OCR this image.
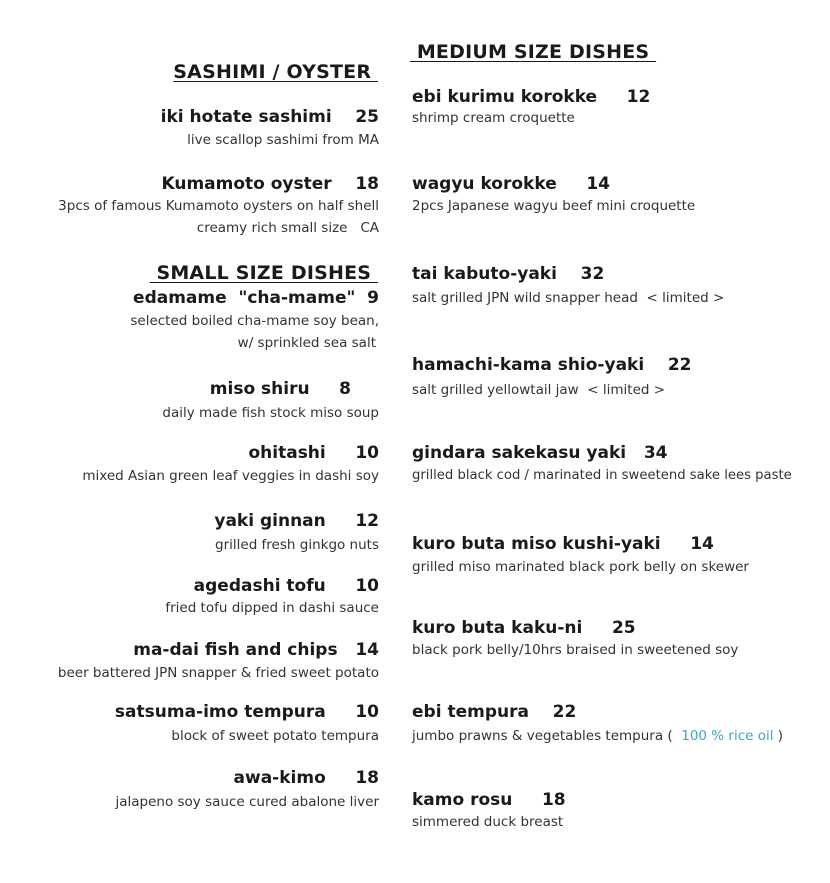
SASHIMI / OYSTER
iki hotate sashimi    25
live scallop sashimi from MA
Kumamoto oyster    18
3pcs of famous Kumamoto oysters on half shell
creamy rich small size   CA
SMALL SIZE DISHES
edamame  "cha-mame"  9
selected boiled cha-mame soy bean,
w/ sprinkled sea salt
miso shiru     8
daily made fish stock miso soup
ohitashi     10
mixed Asian green leaf veggies in dashi soy
yaki ginnan     12
grilled fresh ginkgo nuts
agedashi tofu     10
fried tofu dipped in dashi sauce
ma-dai fish and chips   14
beer battered JPN snapper & fried sweet potato
satsuma-imo tempura     10
block of sweet potato tempura
awa-kimo     18
jalapeno soy sauce cured abalone liver
MEDIUM SIZE DISHES
ebi kurimu korokke     12
shrimp cream croquette
wagyu korokke     14
2pcs Japanese wagyu beef mini croquette
tai kabuto-yaki    32
salt grilled JPN wild snapper head  < limited >
hamachi-kama shio-yaki    22
salt grilled yellowtail jaw  < limited >
gindara sakekasu yaki   34
grilled black cod / marinated in sweetend sake lees paste
kuro buta miso kushi-yaki     14
grilled miso marinated black pork belly on skewer
kuro buta kaku-ni     25
black pork belly/10hrs braised in sweetened soy
ebi tempura    22
jumbo prawns & vegetables tempura (  100 % rice oil )
kamo rosu     18
simmered duck breast
